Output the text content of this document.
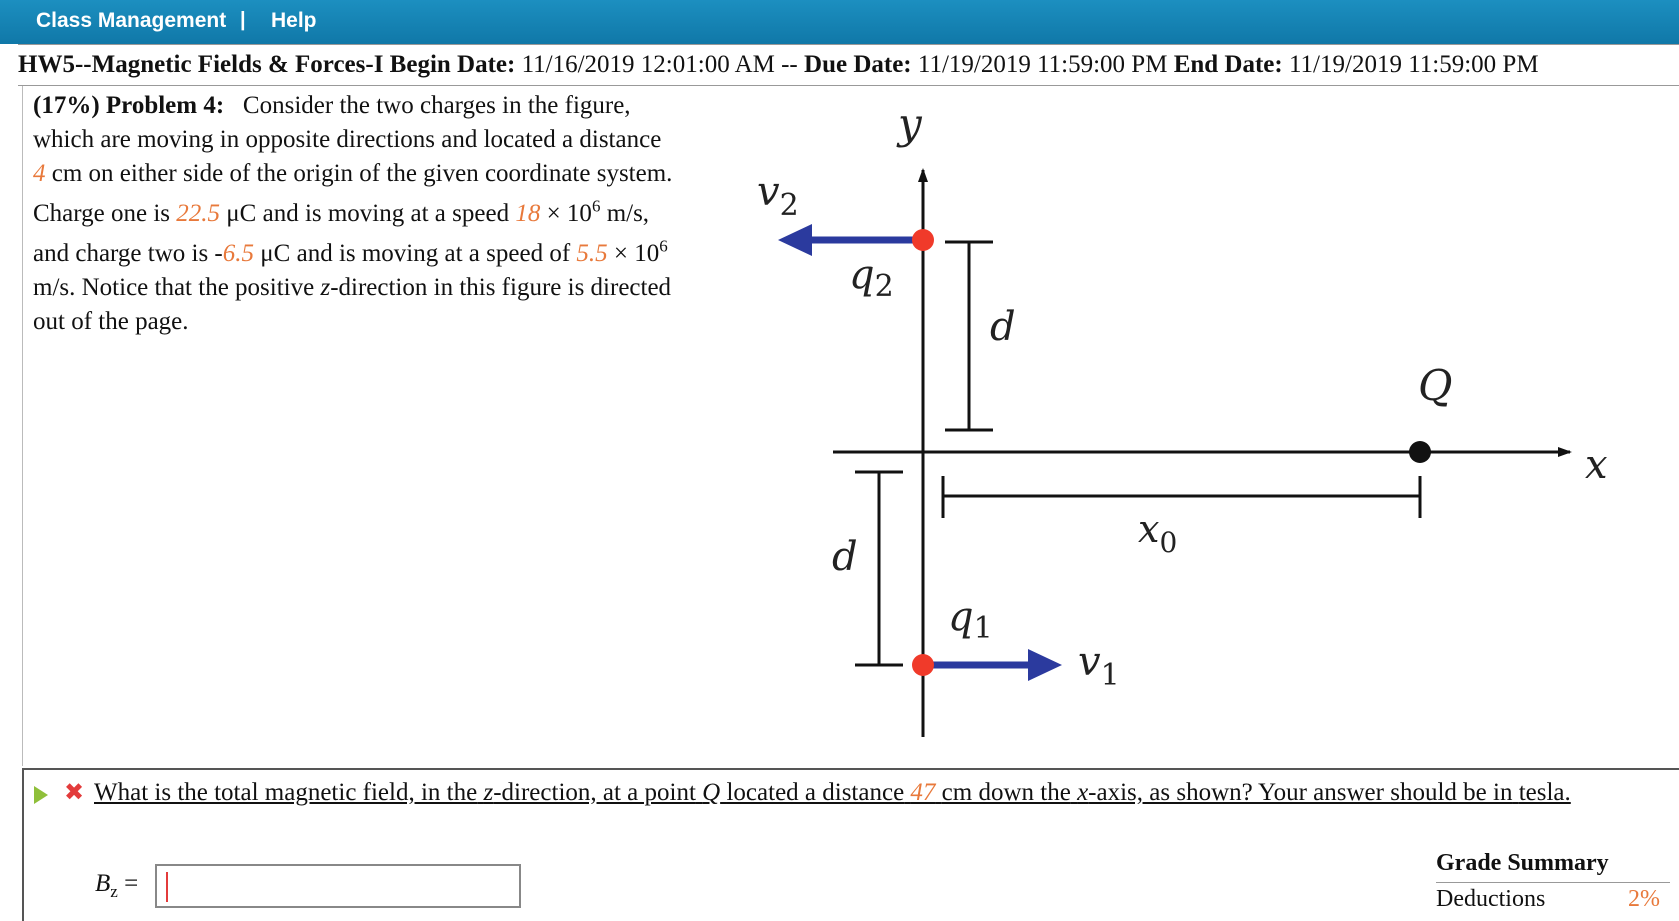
Class Management | Help
HW5--Magnetic Fields & Forces-I Begin Date: 11/16/2019 12:01:00 AM -- Due Date: 11/19/2019 11:59:00 PM End Date: 11/19/2019 11:59:00 PM
(17%) Problem 4: Consider the two charges in the figure,
which are moving in opposite directions and located a distance
4 cm on either side of the origin of the given coordinate system.
Charge one is 22.5 μC and is moving at a speed $18 \times 10^6$ m/s,
and charge two is -6.5 μC and is moving at a speed of $5.5 \times 10^6$
m/s. Notice that the positive z-direction in this figure is directed
out of the page.
y
x
d
d
$x_0$
$v_2$
$q_2$
$v_1$
$q_1$
Q
✖ What is the total magnetic field, in the z-direction, at a point Q located a distance 47 cm down the x-axis, as shown? Your answer should be in tesla.
$B_z$ =
Grade Summary
Deductions	2%
